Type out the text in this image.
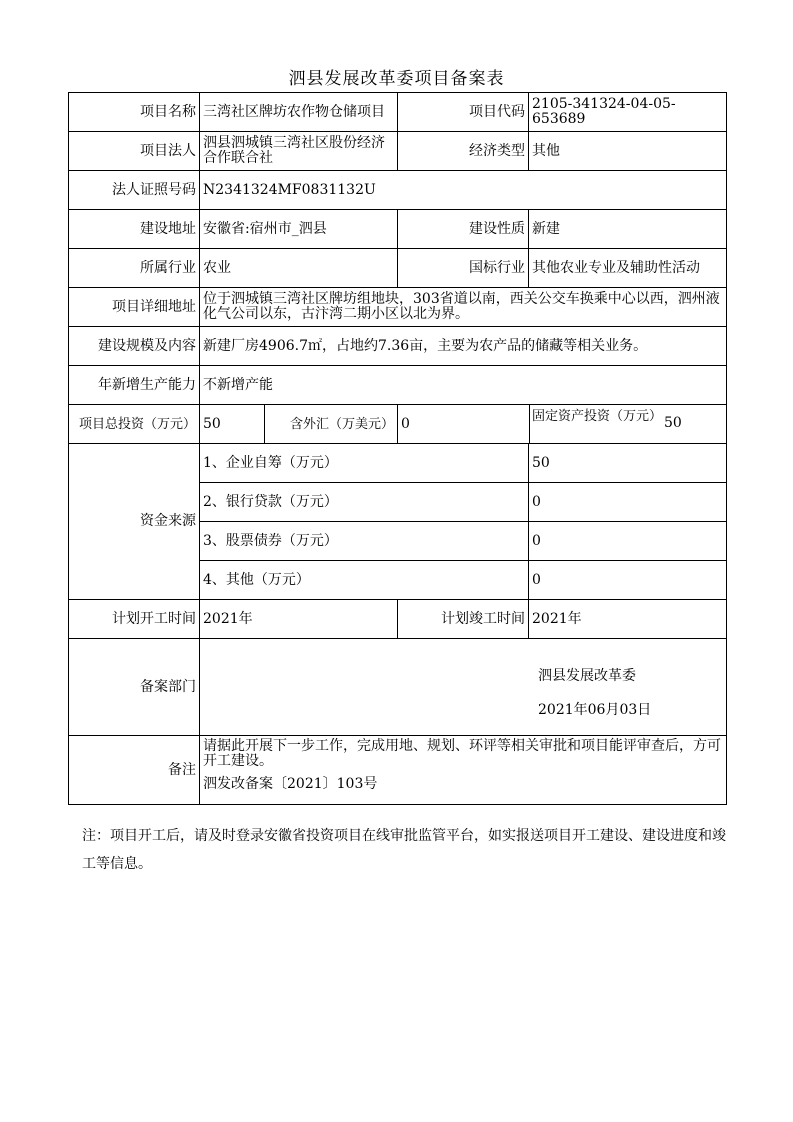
泗县发展改革委项目备案表
项目名称	三湾社区牌坊农作物仓储项目		项目代码	2105-341324-04-05-653689
项目法人	泗县泗城镇三湾社区股份经济合作联合社		经济类型	其他
法人证照号码	N2341324MF0831132U			
建设地址	安徽省:宿州市_泗县		建设性质	新建
所属行业	农业		国标行业	其他农业专业及辅助性活动
项目详细地址	位于泗城镇三湾社区牌坊组地块，303省道以南，西关公交车换乘中心以西，泗州液化气公司以东，古汴湾二期小区以北为界。			
建设规模及内容	新建厂房4906.7㎡，占地约7.36亩，主要为农产品的储藏等相关业务。			
年新增生产能力	不新增产能			
项目总投资（万元）	50	含外汇（万美元）	0 固定资产投资（万元） 50	

资金来源	1、企业自筹（万元）			50
	2、银行贷款（万元）			0
	3、股票债券（万元）			0
	4、其他（万元）			0
计划开工时间	2021年		计划竣工时间	2021年
备案部门	泗县发展改革委
2021年06月03日			

备注	请据此开展下一步工作，完成用地、规划、环评等相关审批和项目能评审查后，方可开工建设。
泗发改备案〔2021〕103号			
注：项目开工后，请及时登录安徽省投资项目在线审批监管平台，如实报送项目开工建设、建设进度和竣工等信息。
